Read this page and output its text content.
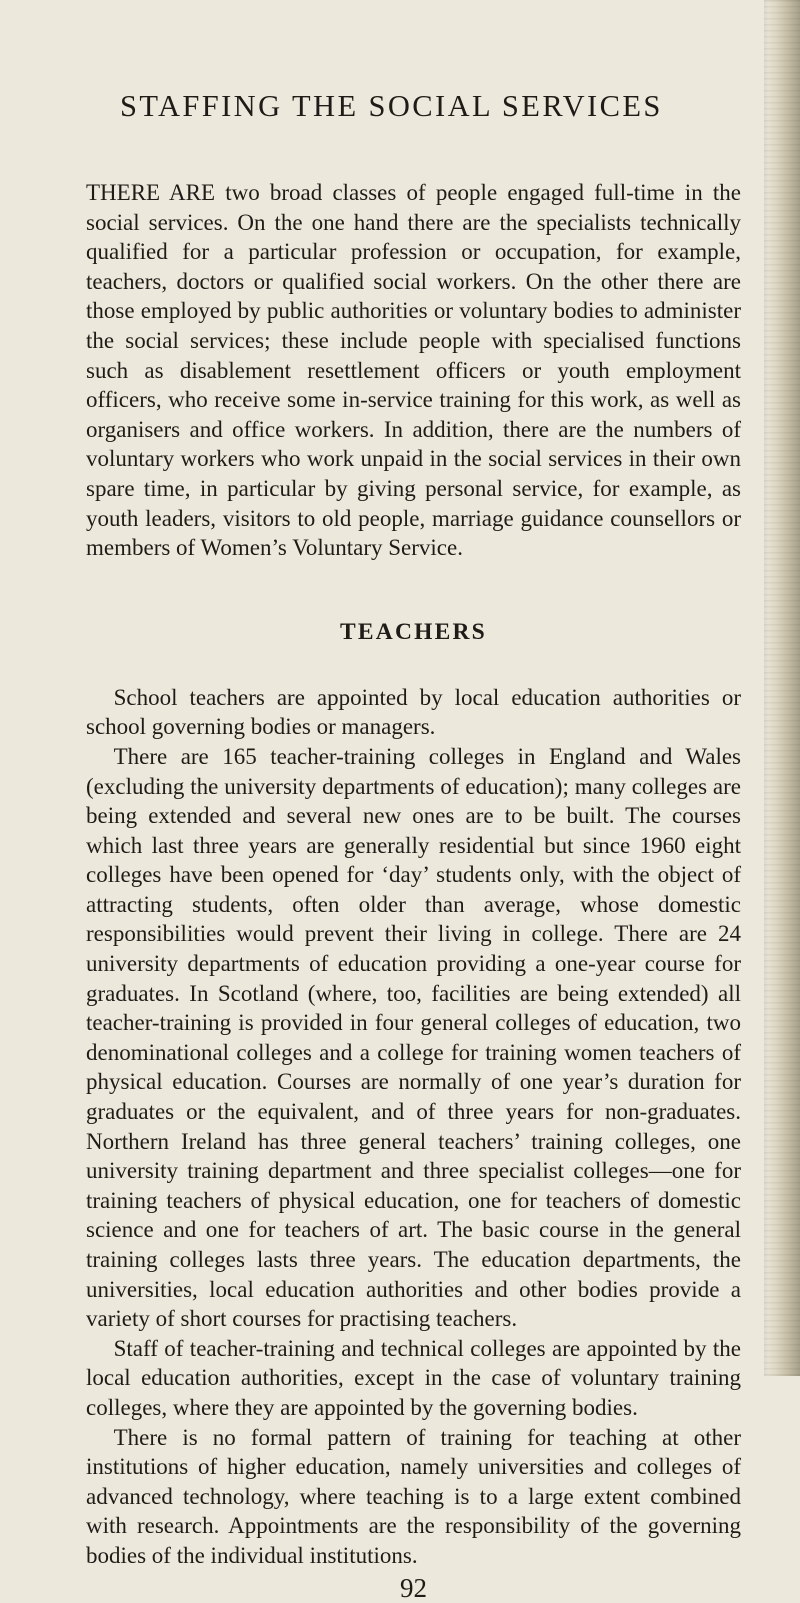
STAFFING THE SOCIAL SERVICES

THERE ARE two broad classes of people engaged full-time in the social services. On the one hand there are the specialists technically qualified for a particular profession or occupation, for example, teachers, doctors or qualified social workers. On the other there are those employed by public authorities or voluntary bodies to administer the social services; these include people with specialised functions such as disablement resettlement officers or youth employment officers, who receive some in-service training for this work, as well as organisers and office workers. In addition, there are the numbers of voluntary workers who work unpaid in the social services in their own spare time, in particular by giving personal service, for example, as youth leaders, visitors to old people, marriage guidance counsellors or members of Women’s Voluntary Service.

TEACHERS

School teachers are appointed by local education authorities or school governing bodies or managers.

There are 165 teacher-training colleges in England and Wales (excluding the university departments of education); many colleges are being extended and several new ones are to be built. The courses which last three years are generally residential but since 1960 eight colleges have been opened for ‘day’ students only, with the object of attracting students, often older than average, whose domestic responsibilities would prevent their living in college. There are 24 university departments of education providing a one-year course for graduates. In Scotland (where, too, facilities are being extended) all teacher-training is provided in four general colleges of education, two denominational colleges and a college for training women teachers of physical education. Courses are normally of one year’s duration for graduates or the equivalent, and of three years for non-graduates. Northern Ireland has three general teachers’ training colleges, one university training department and three specialist colleges—one for training teachers of physical education, one for teachers of domestic science and one for teachers of art. The basic course in the general training colleges lasts three years. The education departments, the universities, local education authorities and other bodies provide a variety of short courses for practising teachers.

Staff of teacher-training and technical colleges are appointed by the local education authorities, except in the case of voluntary training colleges, where they are appointed by the governing bodies.

There is no formal pattern of training for teaching at other institutions of higher education, namely universities and colleges of advanced technology, where teaching is to a large extent combined with research. Appointments are the responsibility of the governing bodies of the individual institutions.

92
